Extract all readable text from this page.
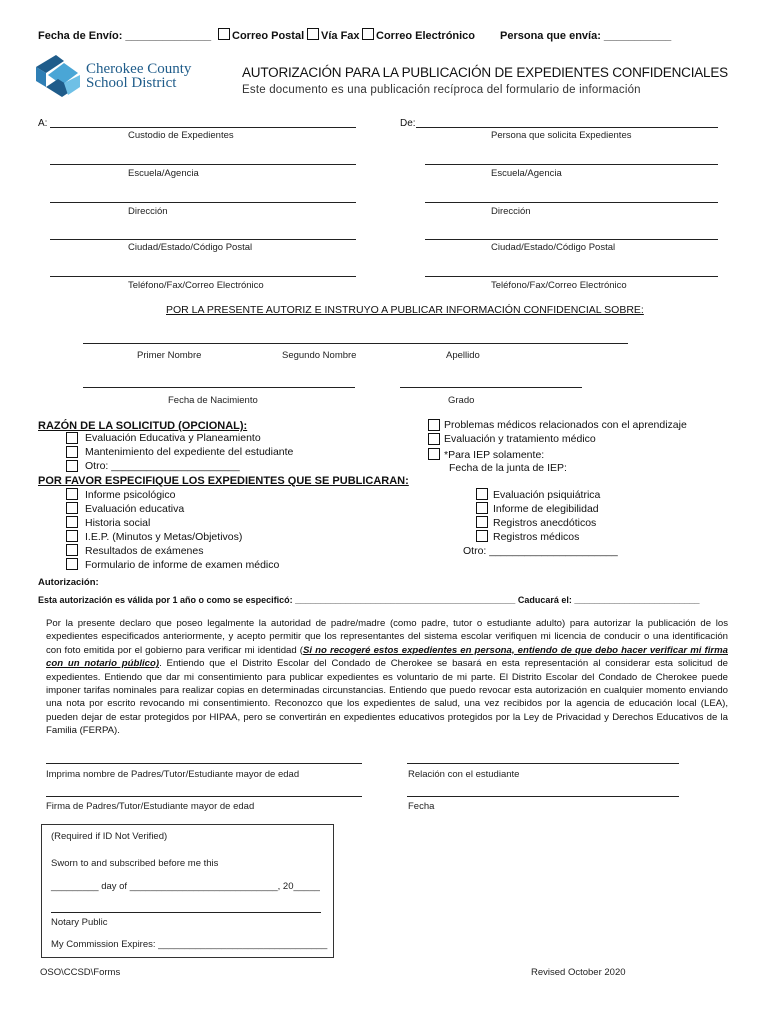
Fecha de Envío: ______________ Correo Postal Vía Fax Correo Electrónico Persona que envía: ___________
Cherokee County
School District
AUTORIZACIÓN PARA LA PUBLICACIÓN DE EXPEDIENTES CONFIDENCIALES
Este documento es una publicación recíproca del formulario de información
A:	De:
Custodio de Expedientes	Persona que solicita Expedientes
Escuela/Agencia	Escuela/Agencia
Dirección	Dirección
Ciudad/Estado/Código Postal	Ciudad/Estado/Código Postal
Teléfono/Fax/Correo Electrónico	Teléfono/Fax/Correo Electrónico
POR LA PRESENTE AUTORIZ E INSTRUYO A PUBLICAR INFORMACIÓN CONFIDENCIAL SOBRE:
Primer Nombre	Segundo Nombre	Apellido
Fecha de Nacimiento	Grado
RAZÓN DE LA SOLICITUD (OPCIONAL):
Evaluación Educativa y Planeamiento
Mantenimiento del expediente del estudiante
Otro: ______________________
Problemas médicos relacionados con el aprendizaje
Evaluación y tratamiento médico
*Para IEP solamente:
Fecha de la junta de IEP:
POR FAVOR ESPECIFIQUE LOS EXPEDIENTES QUE SE PUBLICARAN:
Informe psicológico
Evaluación educativa
Historia social
I.E.P. (Minutos y Metas/Objetivos)
Resultados de exámenes
Formulario de informe de examen médico
Evaluación psiquiátrica
Informe de elegibilidad
Registros anecdóticos
Registros médicos
Otro: ______________________
Autorización:
Esta autorización es válida por 1 año o como se especificó: ____________________________________________ Caducará el: _________________________
Por la presente declaro que poseo legalmente la autoridad de padre/madre (como padre, tutor o estudiante adulto) para autorizar la publicación de los expedientes especificados anteriormente, y acepto permitir que los representantes del sistema escolar verifiquen mi licencia de conducir o una identificación con foto emitida por el gobierno para verificar mi identidad (Si no recogeré estos expedientes en persona, entiendo de que debo hacer verificar mi firma con un notario público). Entiendo que el Distrito Escolar del Condado de Cherokee se basará en esta representación al considerar esta solicitud de expedientes. Entiendo que dar mi consentimiento para publicar expedientes es voluntario de mi parte. El Distrito Escolar del Condado de Cherokee puede imponer tarifas nominales para realizar copias en determinadas circunstancias. Entiendo que puedo revocar esta autorización en cualquier momento enviando una nota por escrito revocando mi consentimiento. Reconozco que los expedientes de salud, una vez recibidos por la agencia de educación local (LEA), pueden dejar de estar protegidos por HIPAA, pero se convertirán en expedientes educativos protegidos por la Ley de Privacidad y Derechos Educativos de la Familia (FERPA).
Imprima nombre de Padres/Tutor/Estudiante mayor de edad	Relación con el estudiante
Firma de Padres/Tutor/Estudiante mayor de edad	Fecha
(Required if ID Not Verified)
Sworn to and subscribed before me this
_________ day of ____________________________, 20_____
Notary Public
My Commission Expires: ________________________________
OSO\CCSD\Forms	Revised October 2020
